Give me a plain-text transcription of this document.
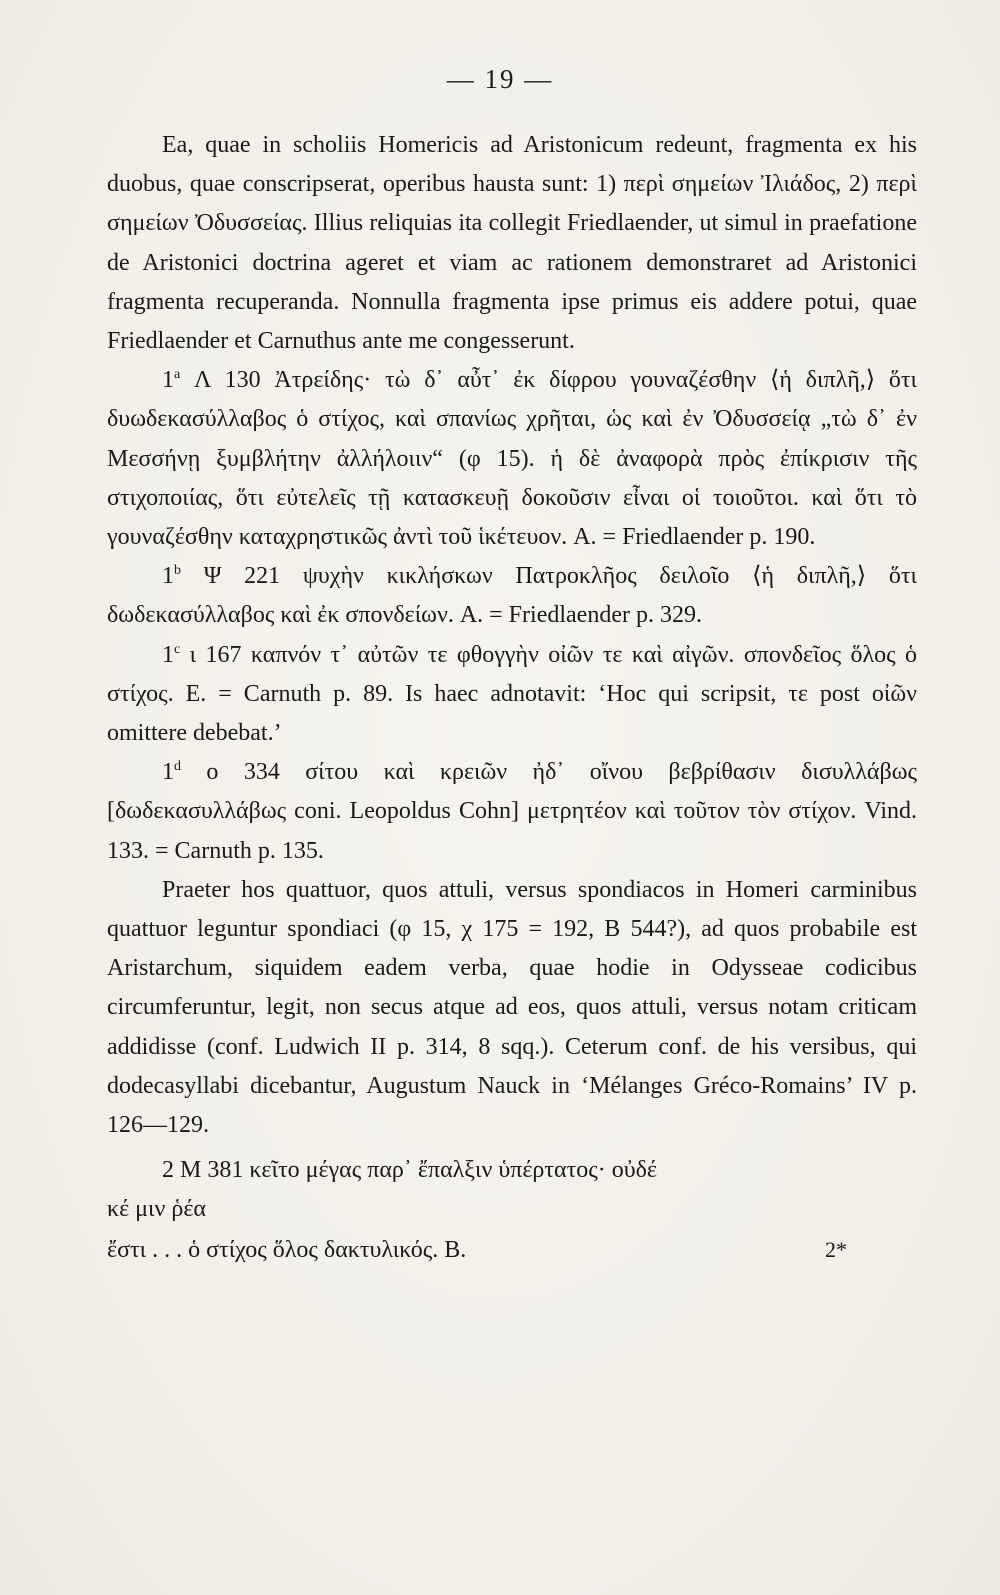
— 19 —

Ea, quae in scholiis Homericis ad Aristonicum redeunt, fragmenta ex his duobus, quae conscripserat, operibus hausta sunt: 1) περὶ σημείων Ἰλιάδος, 2) περὶ σημείων Ὀδυσσείας. Illius reliquias ita collegit Friedlaender, ut simul in praefatione de Aristonici doctrina ageret et viam ac rationem demonstraret ad Aristonici fragmenta recuperanda. Nonnulla fragmenta ipse primus eis addere potui, quae Friedlaender et Carnuthus ante me congesserunt.

1$^a$ Λ 130 Ἀτρείδης· τὼ δ᾽ αὖτ᾽ ἐκ δίφρου γουναζέσθην ⟨ἡ διπλῆ,⟩ ὅτι δυωδεκασύλλαβος ὁ στίχος, καὶ σπανίως χρῆται, ὡς καὶ ἐν Ὀδυσσείᾳ „τὼ δ᾽ ἐν Μεσσήνῃ ξυμβλήτην ἀλλήλοιιν“ (φ 15). ἡ δὲ ἀναφορὰ πρὸς ἐπίκρισιν τῆς στιχοποιίας, ὅτι εὐτελεῖς τῇ κατασκευῇ δοκοῦσιν εἶναι οἱ τοιοῦτοι. καὶ ὅτι τὸ γουναζέσθην καταχρηστικῶς ἀντὶ τοῦ ἱκέτευον. A. = Friedlaender p. 190.

1$^b$ Ψ 221 ψυχὴν κικλήσκων Πατροκλῆος δειλοῖο ⟨ἡ διπλῆ,⟩ ὅτι δωδεκασύλλαβος καὶ ἐκ σπονδείων. A. = Friedlaender p. 329.

1$^c$ ι 167 καπνόν τ᾽ αὐτῶν τε φθογγὴν οἰῶν τε καὶ αἰγῶν. σπονδεῖος ὅλος ὁ στίχος. E. = Carnuth p. 89. Is haec adnotavit: ‘Hoc qui scripsit, τε post οἰῶν omittere debebat.’

1$^d$ ο 334 σίτου καὶ κρειῶν ἠδ᾽ οἴνου βεβρίθασιν δισυλλάβως [δωδεκασυλλάβως coni. Leopoldus Cohn] μετρητέον καὶ τοῦτον τὸν στίχον. Vind. 133. = Carnuth p. 135.

Praeter hos quattuor, quos attuli, versus spondiacos in Homeri carminibus quattuor leguntur spondiaci (φ 15, χ 175 = 192, B 544?), ad quos probabile est Aristarchum, siquidem eadem verba, quae hodie in Odysseae codicibus circumferuntur, legit, non secus atque ad eos, quos attuli, versus notam criticam addidisse (conf. Ludwich II p. 314, 8 sqq.). Ceterum conf. de his versibus, qui dodecasyllabi dicebantur, Augustum Nauck in ‘Mélanges Gréco-Romains’ IV p. 126—129.

2 M 381 κεῖτο μέγας παρ᾽ ἔπαλξιν ὑπέρτατος· οὐδέ

κέ μιν ῥέα

ἔστι . . . ὁ στίχος ὅλος δακτυλικός. B.	2*
